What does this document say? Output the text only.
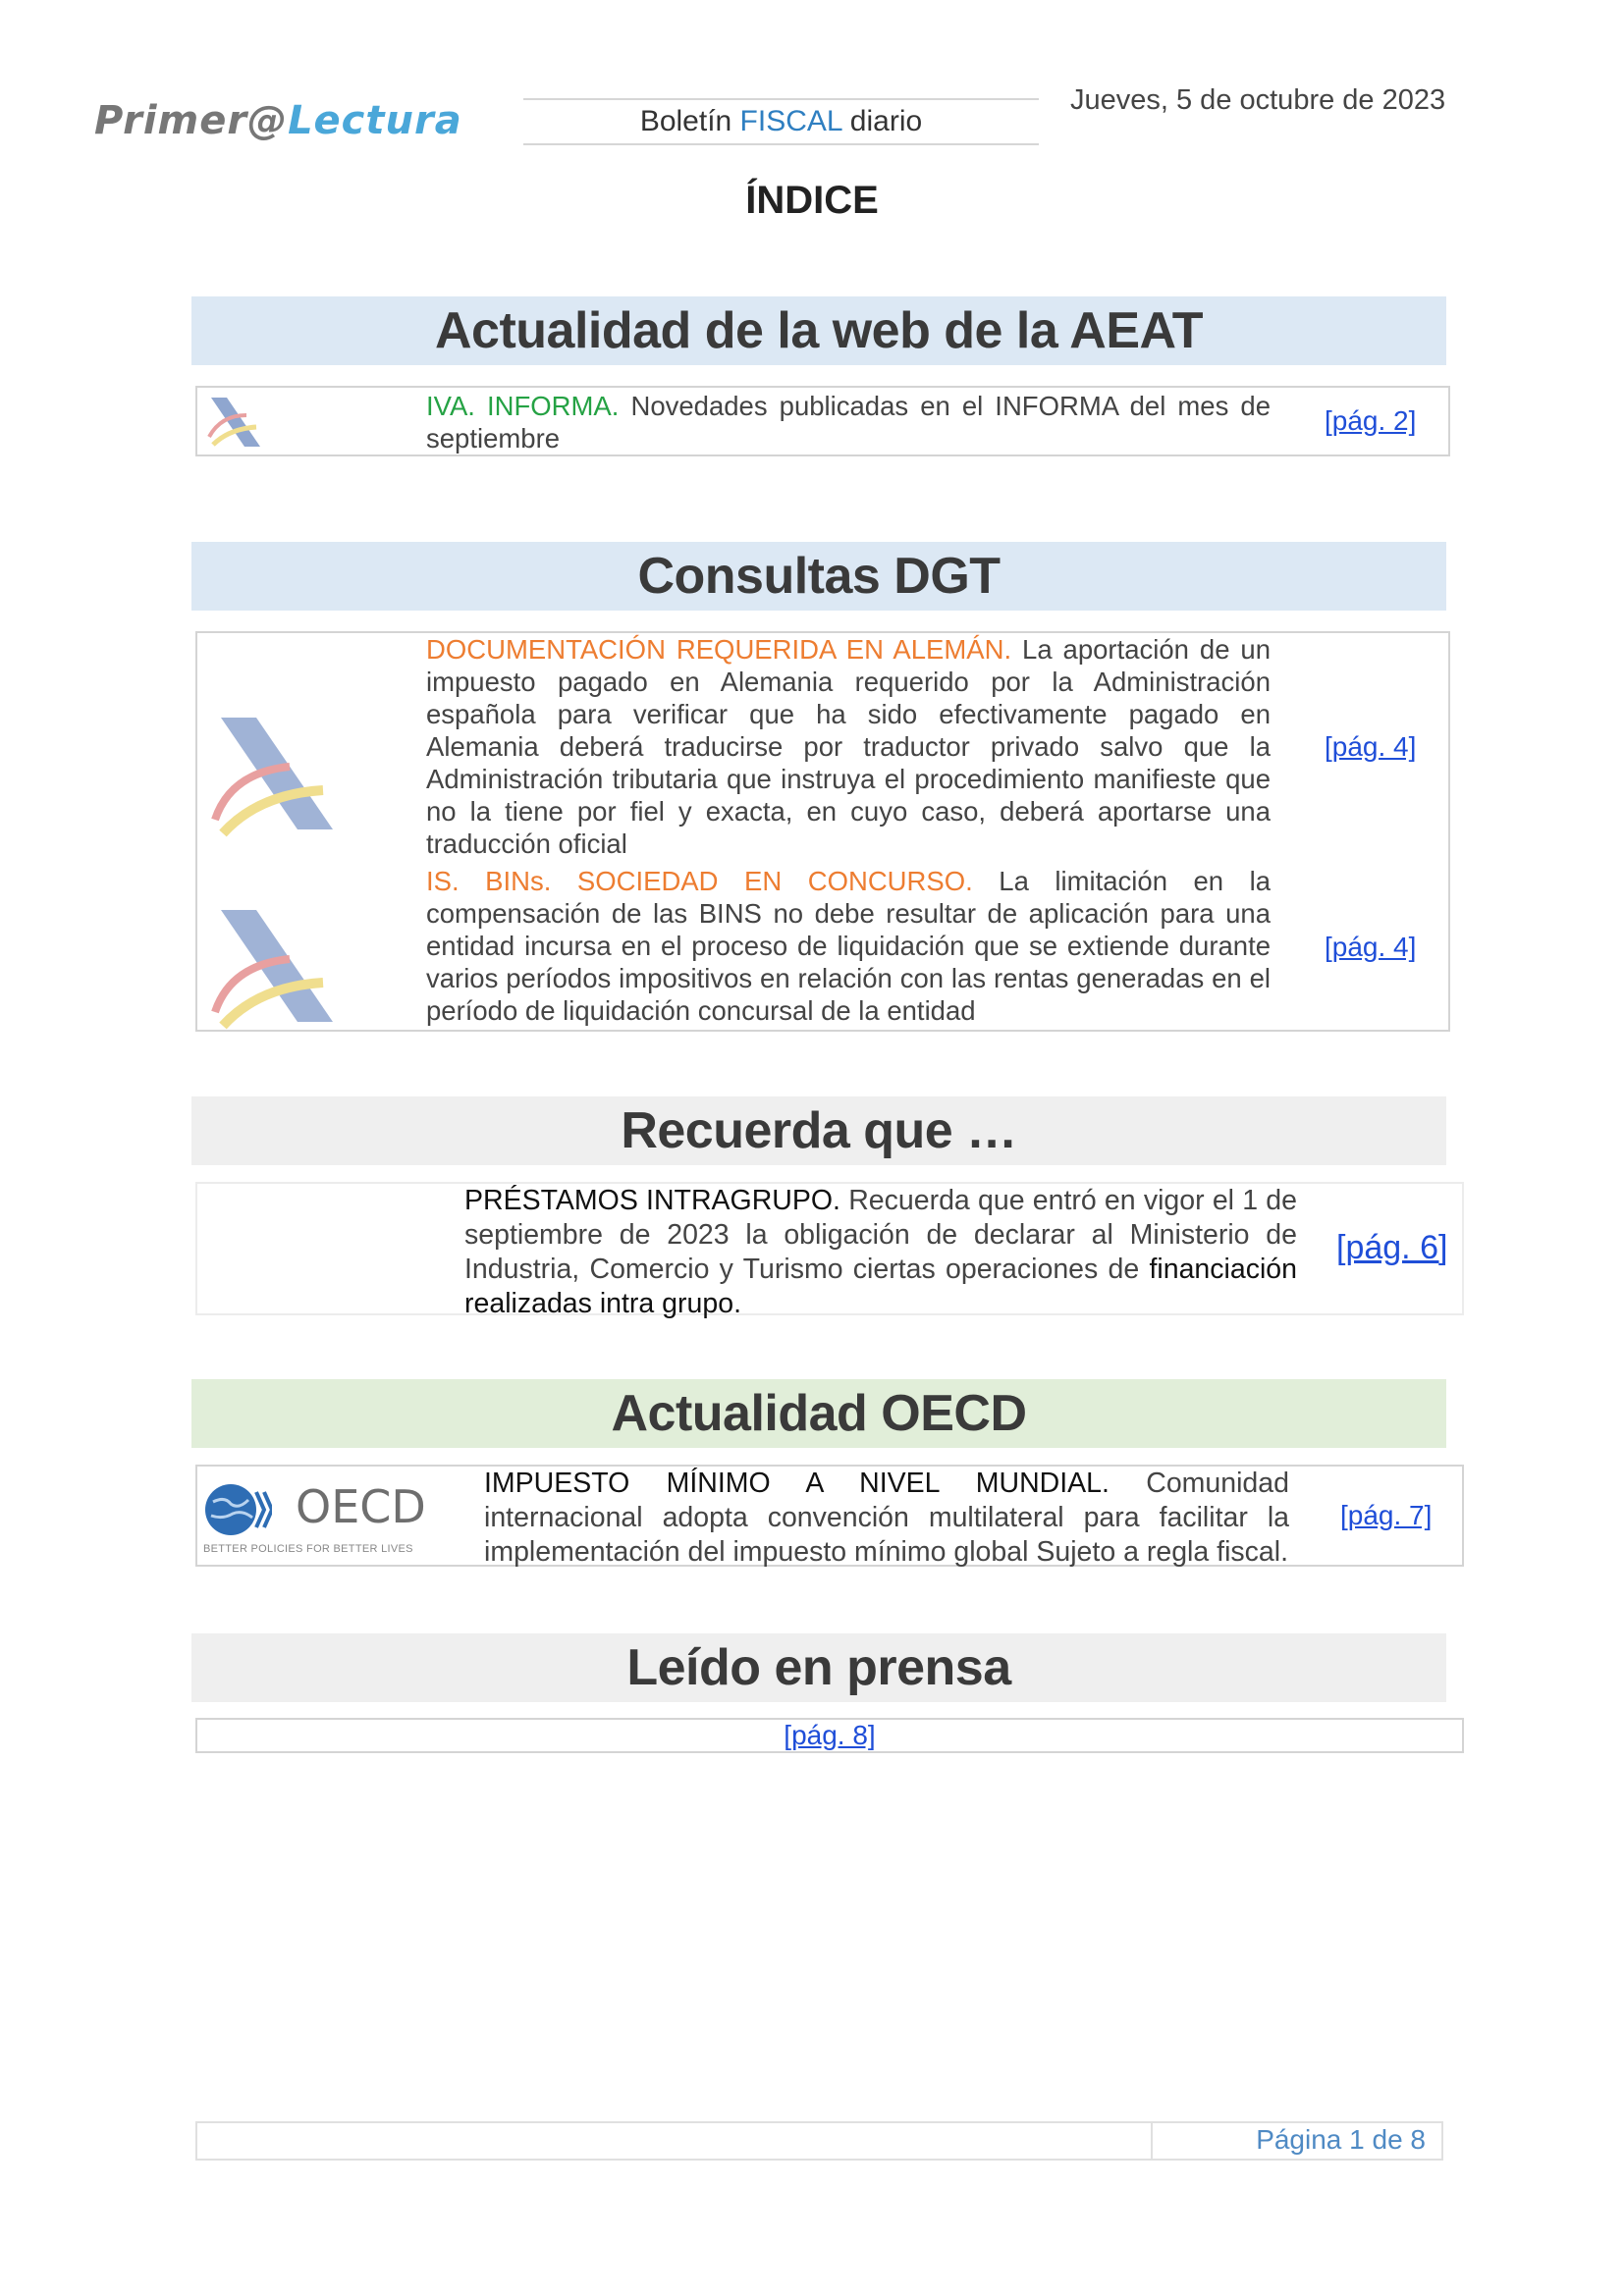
Primer@Lectura	Boletín FISCAL diario
Jueves, 5 de octubre de 2023
ÍNDICE
Actualidad de la web de la AEAT
IVA. INFORMA. Novedades publicadas en el INFORMA del mes de septiembre
[pág. 2]
Consultas DGT
DOCUMENTACIÓN REQUERIDA EN ALEMÁN. La aportación de un impuesto pagado en Alemania requerido por la Administración española para verificar que ha sido efectivamente pagado en Alemania deberá traducirse por traductor privado salvo que la Administración tributaria que instruya el procedimiento manifieste que no la tiene por fiel y exacta, en cuyo caso, deberá aportarse una traducción oficial
[pág. 4]
IS. BINs. SOCIEDAD EN CONCURSO. La limitación en la compensación de las BINS no debe resultar de aplicación para una entidad incursa en el proceso de liquidación que se extiende durante varios períodos impositivos en relación con las rentas generadas en el período de liquidación concursal de la entidad
[pág. 4]
Recuerda que …
PRÉSTAMOS INTRAGRUPO. Recuerda que entró en vigor el 1 de septiembre de 2023 la obligación de declarar al Ministerio de Industria, Comercio y Turismo ciertas operaciones de financiación realizadas intra grupo.
[pág. 6]
Actualidad OECD
OECD
BETTER POLICIES FOR BETTER LIVES
IMPUESTO MÍNIMO A NIVEL MUNDIAL. Comunidad internacional adopta convención multilateral para facilitar la implementación del impuesto mínimo global Sujeto a regla fiscal.
[pág. 7]
Leído en prensa
[pág. 8]
Página 1 de 8
